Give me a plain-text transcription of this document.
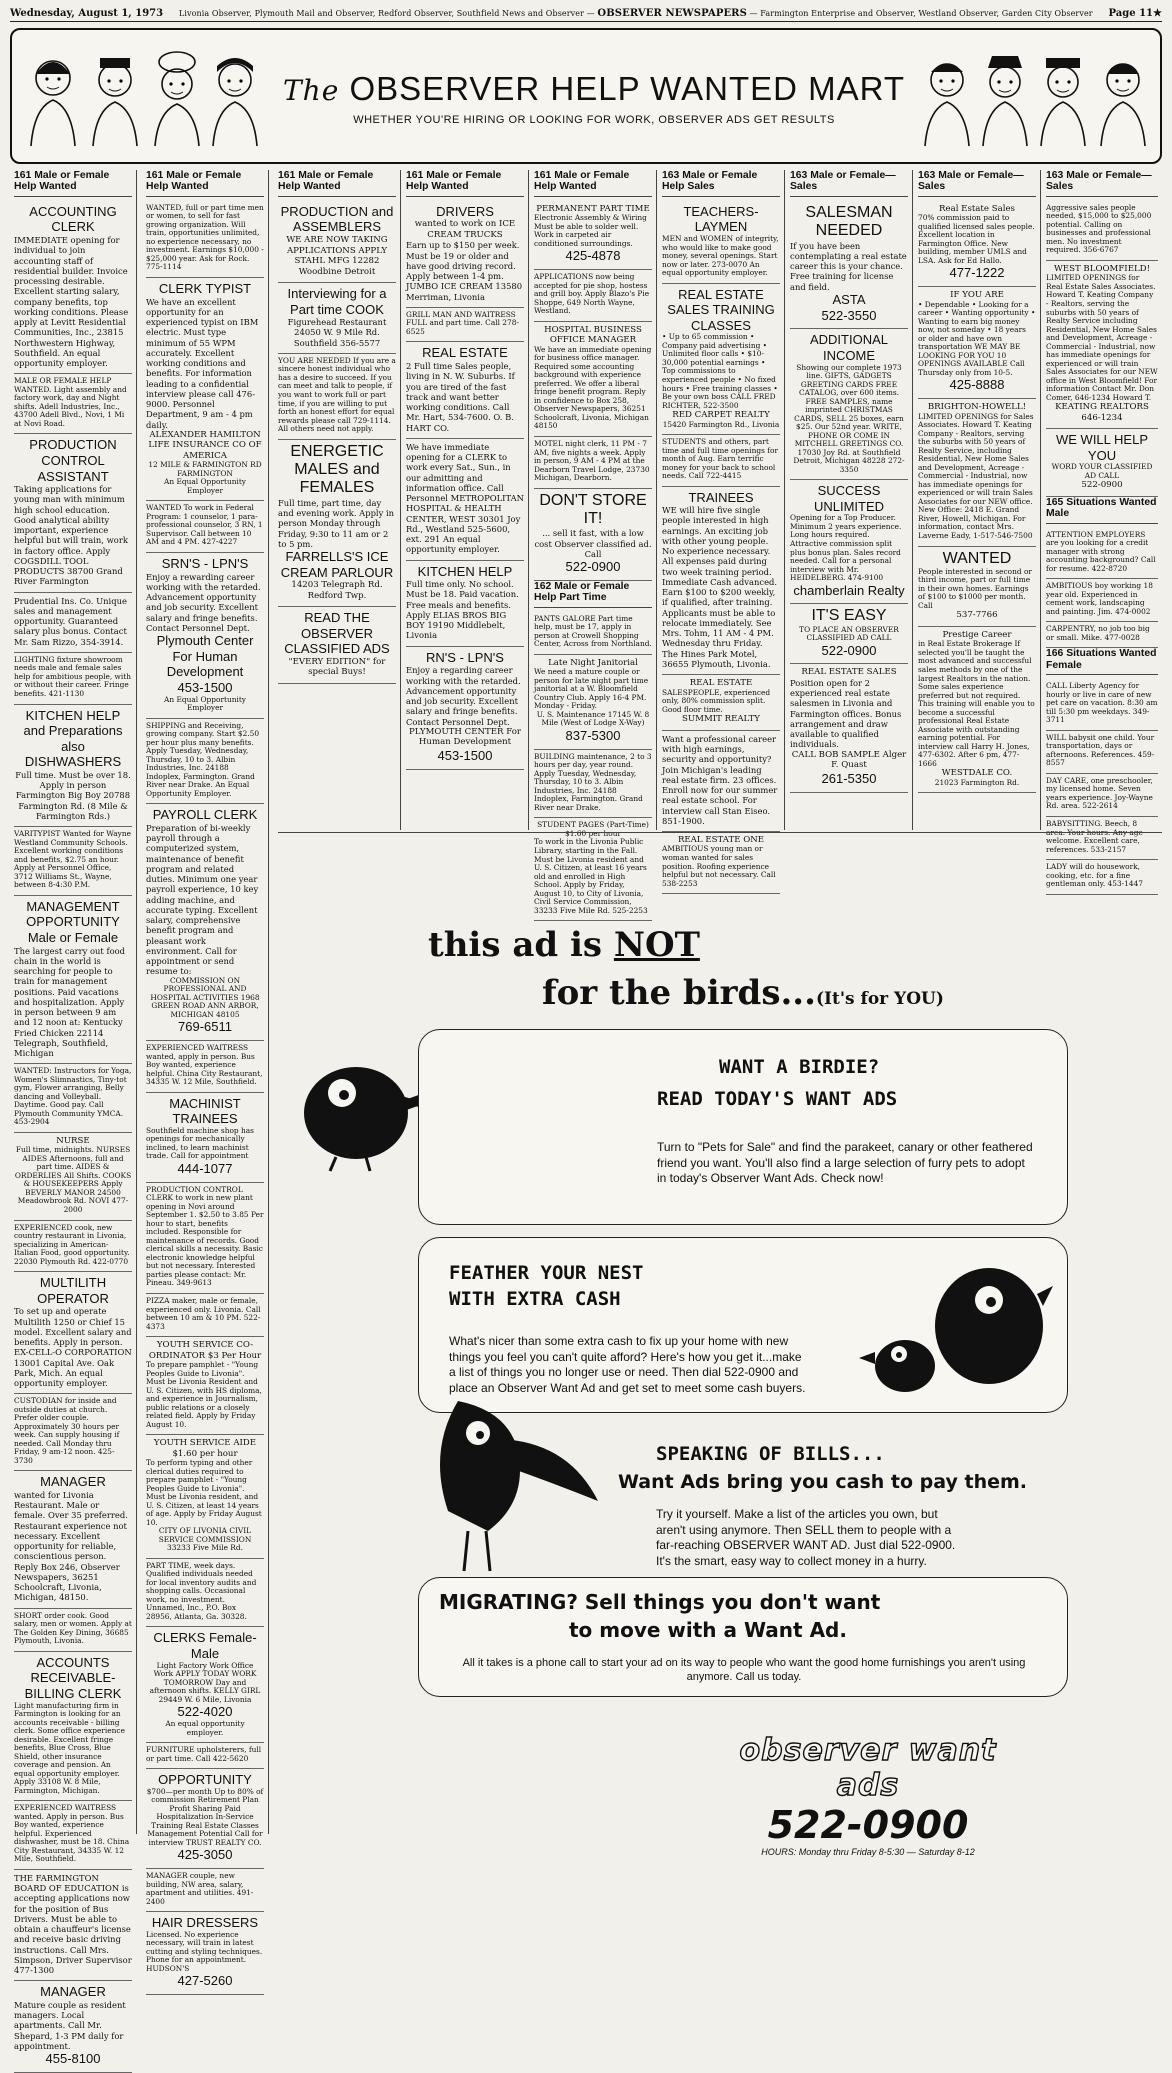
Wednesday, August 1, 1973 Livonia Observer, Plymouth Mail and Observer, Redford Observer, Southfield News and Observer — OBSERVER NEWSPAPERS — Farmington Enterprise and Observer, Westland Observer, Garden City Observer Page 11★
The OBSERVER HELP WANTED MART
WHETHER YOU'RE HIRING OR LOOKING FOR WORK, OBSERVER ADS GET RESULTS
161 Male or Female Help Wanted
ACCOUNTING CLERK
IMMEDIATE opening for individual to join accounting staff of residential builder. Invoice processing desirable. Excellent starting salary, company benefits, top working conditions. Please apply at Levitt Residential Communities, Inc., 23815 Northwestern Highway, Southfield. An equal opportunity employer.
MALE OR FEMALE HELP WANTED. Light assembly and factory work, day and Night shifts. Adell Industries, Inc., 43700 Adell Blvd., Novi, 1 Mi at Novi Road.
PRODUCTION CONTROL ASSISTANT
Taking applications for young man with minimum high school education. Good analytical ability important, experience helpful but will train, work in factory office. Apply COGSDILL TOOL PRODUCTS 38700 Grand River Farmington
Prudential Ins. Co. Unique sales and management opportunity. Guaranteed salary plus bonus. Contact Mr. Sam Rizzo, 354-3914.
LIGHTING fixture showroom needs male and female sales help for ambitious people, with or without their career. Fringe benefits. 421-1130
KITCHEN HELP and Preparations also DISHWASHERS
Full time. Must be over 18. Apply in person Farmington Big Boy 20788 Farmington Rd. (8 Mile & Farmington Rds.)
VARITYPIST Wanted for Wayne Westland Community Schools. Excellent working conditions and benefits, $2.75 an hour. Apply at Personnel Office, 3712 Williams St., Wayne, between 8-4:30 P.M.
MANAGEMENT OPPORTUNITY Male or Female
The largest carry out food chain in the world is searching for people to train for management positions. Paid vacations and hospitalization. Apply in person between 9 am and 12 noon at: Kentucky Fried Chicken 22114 Telegraph, Southfield, Michigan
WANTED: Instructors for Yoga, Women's Slimnastics, Tiny-tot gym, Flower arranging, Belly dancing and Volleyball. Daytime. Good pay. Call Plymouth Community YMCA. 453-2904
NURSE
Full time, midnights. NURSES AIDES Afternoons, full and part time. AIDES & ORDERLIES All Shifts. COOKS & HOUSEKEEPERS Apply BEVERLY MANOR 24500 Meadowbrook Rd. NOVI 477-2000
EXPERIENCED cook, new country restaurant in Livonia, specializing in American-Italian Food, good opportunity. 22030 Plymouth Rd. 422-0770
MULTILITH OPERATOR
To set up and operate Multilith 1250 or Chief 15 model. Excellent salary and benefits. Apply in person. EX-CELL-O CORPORATION 13001 Capital Ave. Oak Park, Mich. An equal opportunity employer.
CUSTODIAN for inside and outside duties at church. Prefer older couple. Approximately 30 hours per week. Can supply housing if needed. Call Monday thru Friday, 9 am-12 noon. 425-3730
MANAGER
wanted for Livonia Restaurant. Male or female. Over 35 preferred. Restaurant experience not necessary. Excellent opportunity for reliable, conscientious person. Reply Box 246, Observer Newspapers, 36251 Schoolcraft, Livonia, Michigan, 48150.
SHORT order cook. Good salary, men or women. Apply at The Golden Key Dining, 36685 Plymouth, Livonia.
ACCOUNTS RECEIVABLE-BILLING CLERK
Light manufacturing firm in Farmington is looking for an accounts receivable - billing clerk. Some office experience desirable. Excellent fringe benefits, Blue Cross, Blue Shield, other insurance coverage and pension. An equal opportunity employer. Apply 33108 W. 8 Mile, Farmington, Michigan.
EXPERIENCED WAITRESS wanted. Apply in person. Bus Boy wanted, experience helpful. Experienced dishwasher, must be 18. China City Restaurant, 34335 W. 12 Mile, Southfield.
THE FARMINGTON BOARD OF EDUCATION is accepting applications now for the position of Bus Drivers. Must be able to obtain a chauffeur's license and receive basic driving instructions. Call Mrs. Simpson, Driver Supervisor 477-1300
MANAGER
Mature couple as resident managers. Local apartments. Call Mr. Shepard, 1-3 PM daily for appointment.
455-8100
161 Male or Female Help Wanted
WANTED, full or part time men or women, to sell for fast growing organization. Will train, opportunities unlimited, no experience necessary, no investment. Earnings $10,000 - $25,000 year. Ask for Rock. 775-1114
CLERK TYPIST
We have an excellent opportunity for an experienced typist on IBM electric. Must type minimum of 55 WPM accurately. Excellent working conditions and benefits. For information leading to a confidential interview please call 476-9000. Personnel Department, 9 am - 4 pm daily.
ALEXANDER HAMILTON LIFE INSURANCE CO OF AMERICA
12 MILE & FARMINGTON RD FARMINGTON
An Equal Opportunity Employer
WANTED To work in Federal Program: 1 counselor, 1 para-professional counselor, 3 RN, 1 Supervisor. Call between 10 AM and 4 PM. 427-4227
SRN'S - LPN'S
Enjoy a rewarding career working with the retarded. Advancement opportunity and job security. Excellent salary and fringe benefits. Contact Personnel Dept.
Plymouth Center For Human Development
453-1500
An Equal Opportunity Employer
SHIPPING and Receiving, growing company. Start $2.50 per hour plus many benefits. Apply Tuesday, Wednesday, Thursday, 10 to 3. Albin Industries, Inc. 24188 Indoplex, Farmington. Grand River near Drake. An Equal Opportunity Employer.
PAYROLL CLERK
Preparation of bi-weekly payroll through a computerized system, maintenance of benefit program and related duties. Minimum one year payroll experience, 10 key adding machine, and accurate typing. Excellent salary, comprehensive benefit program and pleasant work environment. Call for appointment or send resume to:
COMMISSION ON PROFESSIONAL AND HOSPITAL ACTIVITIES 1968 GREEN ROAD ANN ARBOR, MICHIGAN 48105
769-6511
EXPERIENCED WAITRESS wanted, apply in person. Bus Boy wanted, experience helpful. China City Restaurant, 34335 W. 12 Mile, Southfield.
MACHINIST TRAINEES
Southfield machine shop has openings for mechanically inclined, to learn machinist trade. Call for appointment
444-1077
PRODUCTION CONTROL CLERK to work in new plant opening in Novi around September 1. $2.50 to 3.85 Per hour to start, benefits included. Responsible for maintenance of records. Good clerical skills a necessity. Basic electronic knowledge helpful but not necessary. Interested parties please contact: Mr. Pineau. 349-9613
PIZZA maker, male or female, experienced only. Livonia. Call between 10 am & 10 PM. 522-4373
YOUTH SERVICE CO-ORDINATOR $3 Per Hour
To prepare pamphlet - "Young Peoples Guide to Livonia". Must be Livonia Resident and U. S. Citizen, with HS diploma, and experience in Journalism, public relations or a closely related field. Apply by Friday August 10.
YOUTH SERVICE AIDE $1.60 per hour
To perform typing and other clerical duties required to prepare pamphlet - "Young Peoples Guide to Livonia". Must be Livonia resident, and U. S. Citizen, at least 14 years of age. Apply by Friday August 10.
CITY OF LIVONIA CIVIL SERVICE COMMISSION 33233 Five Mile Rd.
PART TIME, week days. Qualified individuals needed for local inventory audits and shopping calls. Occasional work, no investment. Unnamed, Inc., P.O. Box 28956, Atlanta, Ga. 30328.
CLERKS Female-Male
Light Factory Work Office Work APPLY TODAY WORK TOMORROW Day and afternoon shifts. KELLY GIRL 29449 W. 6 Mile, Livonia
522-4020
An equal opportunity employer.
FURNITURE upholsterers, full or part time. Call 422-5620
OPPORTUNITY
$700—per month Up to 80% of commission Retirement Plan Profit Sharing Paid Hospitalization In-Service Training Real Estate Classes Management Potential Call for interview TRUST REALTY CO.
425-3050
MANAGER couple, new building, NW area, salary, apartment and utilities. 491-2400
HAIR DRESSERS
Licensed. No experience necessary, will train in latest cutting and styling techniques. Phone for an appointment. HUDSON'S
427-5260
161 Male or Female Help Wanted
PRODUCTION and ASSEMBLERS
WE ARE NOW TAKING APPLICATIONS APPLY STAHL MFG 12282 Woodbine Detroit
Interviewing for a Part time COOK
Figurehead Restaurant 24050 W. 9 Mile Rd. Southfield 356-5577
YOU ARE NEEDED If you are a sincere honest individual who has a desire to succeed. If you can meet and talk to people, if you want to work full or part time, if you are willing to put forth an honest effort for equal rewards please call 729-1114. All others need not apply.
ENERGETIC MALES and FEMALES
Full time, part time, day and evening work. Apply in person Monday through Friday, 9:30 to 11 am or 2 to 5 pm.
FARRELLS'S ICE CREAM PARLOUR
14203 Telegraph Rd. Redford Twp.
READ THE OBSERVER CLASSIFIED ADS
"EVERY EDITION" for special Buys!
161 Male or Female Help Wanted
DRIVERS
wanted to work on ICE CREAM TRUCKS
Earn up to $150 per week. Must be 19 or older and have good driving record. Apply between 1-4 pm. JUMBO ICE CREAM 13580 Merriman, Livonia
GRILL MAN AND WAITRESS FULL and part time. Call 278-6525
REAL ESTATE
2 Full time Sales people, living in N. W. Suburbs. If you are tired of the fast track and want better working conditions. Call Mr. Hart, 534-7600. O. B. HART CO.
We have immediate opening for a CLERK to work every Sat., Sun., in our admitting and information office. Call Personnel METROPOLITAN HOSPITAL & HEALTH CENTER, WEST 30301 Joy Rd., Westland 525-5600, ext. 291 An equal opportunity employer.
KITCHEN HELP
Full time only. No school. Must be 18. Paid vacation. Free meals and benefits. Apply ELIAS BROS BIG BOY 19190 Middlebelt, Livonia
RN'S - LPN'S
Enjoy a regarding career working with the retarded. Advancement opportunity and job security. Excellent salary and fringe benefits. Contact Personnel Dept.
PLYMOUTH CENTER For Human Development
453-1500
161 Male or Female Help Wanted
PERMANENT PART TIME
Electronic Assembly & Wiring Must be able to solder well. Work in carpeted air conditioned surroundings.
425-4878
APPLICATIONS now being accepted for pie shop, hostess and grill boy. Apply Blazo's Pie Shoppe, 649 North Wayne, Westland.
HOSPITAL BUSINESS OFFICE MANAGER
We have an immediate opening for business office manager. Required some accounting background with experience preferred. We offer a liberal fringe benefit program. Reply in confidence to Box 258, Observer Newspapers, 36251 Schoolcraft, Livonia, Michigan 48150
MOTEL night clerk, 11 PM - 7 AM, five nights a week. Apply in person, 9 AM - 4 PM at the Dearborn Travel Lodge, 23730 Michigan, Dearborn.
DON'T STORE IT!
... sell it fast, with a low cost Observer classified ad. Call
522-0900
162 Male or Female Help Part Time
PANTS GALORE Part time help, must be 17, apply in person at Crowell Shopping Center, Across from Northland.
Late Night Janitorial
We need a mature couple or person for late night part time janitorial at a W. Bloomfield Country Club. Apply 16-4 PM. Monday - Friday.
U. S. Maintenance 17145 W. 8 Mile (West of Lodge X-Way)
837-5300
BUILDING maintenance, 2 to 3 hours per day, year round. Apply Tuesday, Wednesday, Thursday, 10 to 3. Albin Industries, Inc. 24188 Indoplex, Farmington. Grand River near Drake.
STUDENT PAGES (Part-Time) $1.60 per hour
To work in the Livonia Public Library, starting in the Fall. Must be Livonia resident and U. S. Citizen, at least 16 years old and enrolled in High School. Apply by Friday, August 10, to City of Livonia, Civil Service Commission, 33233 Five Mile Rd. 525-2253
163 Male or Female Help Sales
TEACHERS-LAYMEN
MEN and WOMEN of integrity, who would like to make good money, several openings. Start now or later. 273-0070 An equal opportunity employer.
REAL ESTATE SALES TRAINING CLASSES
• Up to 65 commission • Company paid advertising • Unlimited floor calls • $10-30,000 potential earnings • Top commissions to experienced people • No fixed hours • Free training classes • Be your own boss CALL FRED RICHTER, 522-3500
RED CARPET REALTY
15420 Farmington Rd., Livonia
STUDENTS and others, part time and full time openings for month of Aug. Earn terrific money for your back to school needs. Call 722-4415
TRAINEES
WE will hire five single people interested in high earnings. An exciting job with other young people. No experience necessary. All expenses paid during two week training period. Immediate Cash advanced. Earn $100 to $200 weekly, if qualified, after training. Applicants must be able to relocate immediately. See Mrs. Tohm, 11 AM - 4 PM. Wednesday thru Friday. The Hines Park Motel, 36655 Plymouth, Livonia.
REAL ESTATE
SALESPEOPLE, experienced only, 80% commission split. Good floor time.
SUMMIT REALTY
Want a professional career with high earnings, security and opportunity? Join Michigan's leading real estate firm. 23 offices. Enroll now for our summer real estate school. For interview call Stan Eiseo. 851-1900.
REAL ESTATE ONE
AMBITIOUS young man or woman wanted for sales position. Roofing experience helpful but not necessary. Call 538-2253
163 Male or Female— Sales
SALESMAN NEEDED
If you have been contemplating a real estate career this is your chance. Free training for license and field.
ASTA
522-3550
ADDITIONAL INCOME
Showing our complete 1973 line. GIFTS, GADGETS GREETING CARDS FREE CATALOG, over 600 items. FREE SAMPLES, name imprinted CHRISTMAS CARDS, SELL 25 boxes, earn $25. Our 52nd year. WRITE, PHONE OR COME IN MITCHELL GREETINGS CO. 17030 Joy Rd. at Southfield Detroit, Michigan 48228 272-3350
SUCCESS UNLIMITED
Opening for a Top Producer. Minimum 2 years experience. Long hours required. Attractive commission split plus bonus plan. Sales record needed. Call for a personal interview with Mr. HEIDELBERG. 474-9100
chamberlain Realty
IT'S EASY
TO PLACE AN OBSERVER CLASSIFIED AD CALL
522-0900
REAL ESTATE SALES
Position open for 2 experienced real estate salesmen in Livonia and Farmington offices. Bonus arrangement and draw available to qualified individuals.
CALL BOB SAMPLE Alger F. Quast
261-5350
163 Male or Female— Sales
Real Estate Sales
70% commission paid to qualified licensed sales people. Excellent location in Farmington Office. New building, member UMLS and LSA. Ask for Ed Hallo.
477-1222
IF YOU ARE
• Dependable • Looking for a career • Wanting opportunity • Wanting to earn big money now, not someday • 18 years or older and have own transportation WE MAY BE LOOKING FOR YOU 10 OPENINGS AVAILABLE Call Thursday only from 10-5.
425-8888
BRIGHTON-HOWELL!
LIMITED OPENINGS for Sales Associates. Howard T. Keating Company - Realtors, serving the suburbs with 50 years of Realty Service, including Residential, New Home Sales and Development, Acreage - Commercial - Industrial, now has immediate openings for experienced or will train Sales Associates for our NEW office. New Office: 2418 E. Grand River, Howell, Michigan. For information, contact Mrs. Laverne Eady, 1-517-546-7500
WANTED
People interested in second or third income, part or full time in their own homes. Earnings of $100 to $1000 per month. Call
537-7766
Prestige Career
in Real Estate Brokerage If selected you'll be taught the most advanced and successful sales methods by one of the largest Realtors in the nation. Some sales experience preferred but not required. This training will enable you to become a successful professional Real Estate Associate with outstanding earning potential. For interview call Harry H. Jones, 477-6302. After 6 pm, 477-1666
WESTDALE CO.
21023 Farmington Rd.
163 Male or Female— Sales
Aggressive sales people needed, $15,000 to $25,000 potential. Calling on businesses and professional men. No investment required. 356-6767
WEST BLOOMFIELD!
LIMITED OPENINGS for Real Estate Sales Associates. Howard T. Keating Company - Realtors, serving the suburbs with 50 years of Realty Service including Residential, New Home Sales and Development, Acreage - Commercial - Industrial, now has immediate openings for experienced or will train Sales Associates for our NEW office in West Bloomfield! For information Contact Mr. Don Comer, 646-1234 Howard T.
KEATING REALTORS
646-1234
WE WILL HELP YOU
WORD YOUR CLASSIFIED AD CALL
522-0900
165 Situations Wanted Male
ATTENTION EMPLOYERS are you looking for a credit manager with strong accounting background? Call for resume. 422-8720
AMBITIOUS boy working 18 year old. Experienced in cement work, landscaping and painting. Jim. 474-0002
CARPENTRY, no job too big or small. Mike. 477-0028
166 Situations Wanted Female
CALL Liberty Agency for hourly or live in care of new pet care on vacation. 8:30 am till 5:30 pm weekdays. 349-3711
WILL babysit one child. Your transportation, days or afternoons. References. 459-8557
DAY CARE, one preschooler, my licensed home. Seven years experience. Joy-Wayne Rd. area. 522-2614
BABYSITTING. Beech, 8 area. Your hours. Any age welcome. Excellent care, references. 533-2157
LADY will do housework, cooking, etc. for a fine gentleman only. 453-1447
this ad is NOT
for the birds...(It's for YOU)
WANT A BIRDIE?
READ TODAY'S WANT ADS
Turn to "Pets for Sale" and find the parakeet, canary or other feathered friend you want. You'll also find a large selection of furry pets to adopt in today's Observer Want Ads. Check now!
FEATHER YOUR NEST
WITH EXTRA CASH
What's nicer than some extra cash to fix up your home with new things you feel you can't quite afford? Here's how you get it...make a list of things you no longer use or need. Then dial 522-0900 and place an Observer Want Ad and get set to meet some cash buyers.
SPEAKING OF BILLS...
Want Ads bring you cash to pay them.
Try it yourself. Make a list of the articles you own, but aren't using anymore. Then SELL them to people with a far-reaching OBSERVER WANT AD. Just dial 522-0900. It's the smart, easy way to collect money in a hurry.
MIGRATING? Sell things you don't want
to move with a Want Ad.
All it takes is a phone call to start your ad on its way to people who want the good home furnishings you aren't using anymore. Call us today.
observer want ads
522-0900
HOURS: Monday thru Friday 8-5:30 — Saturday 8-12
